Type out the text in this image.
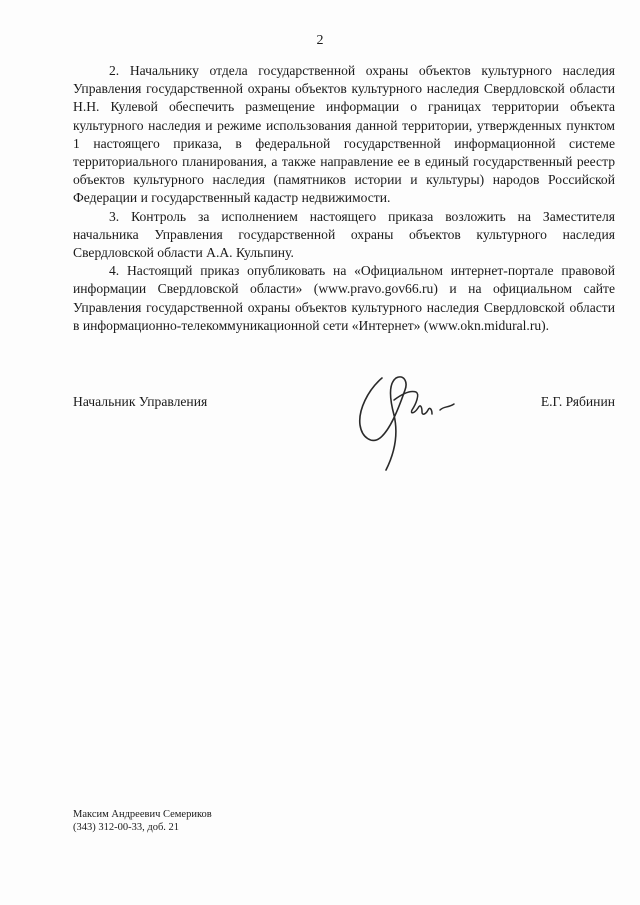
2

2. Начальнику отдела государственной охраны объектов культурного наследия Управления государственной охраны объектов культурного наследия Свердловской области Н.Н. Кулевой обеспечить размещение информации о границах территории объекта культурного наследия и режиме использования данной территории, утвержденных пунктом 1 настоящего приказа, в федеральной государственной информационной системе территориального планирования, а также направление ее в единый государственный реестр объектов культурного наследия (памятников истории и культуры) народов Российской Федерации и государственный кадастр недвижимости.

3. Контроль за исполнением настоящего приказа возложить на Заместителя начальника Управления государственной охраны объектов культурного наследия Свердловской области А.А. Кульпину.

4. Настоящий приказ опубликовать на «Официальном интернет-портале правовой информации Свердловской области» (www.pravo.gov66.ru) и на официальном сайте Управления государственной охраны объектов культурного наследия Свердловской области в информационно-телекоммуникационной сети «Интернет» (www.okn.midural.ru).

Начальник Управления	Е.Г. Рябинин
Максим Андреевич Семериков
(343) 312-00-33, доб. 21
